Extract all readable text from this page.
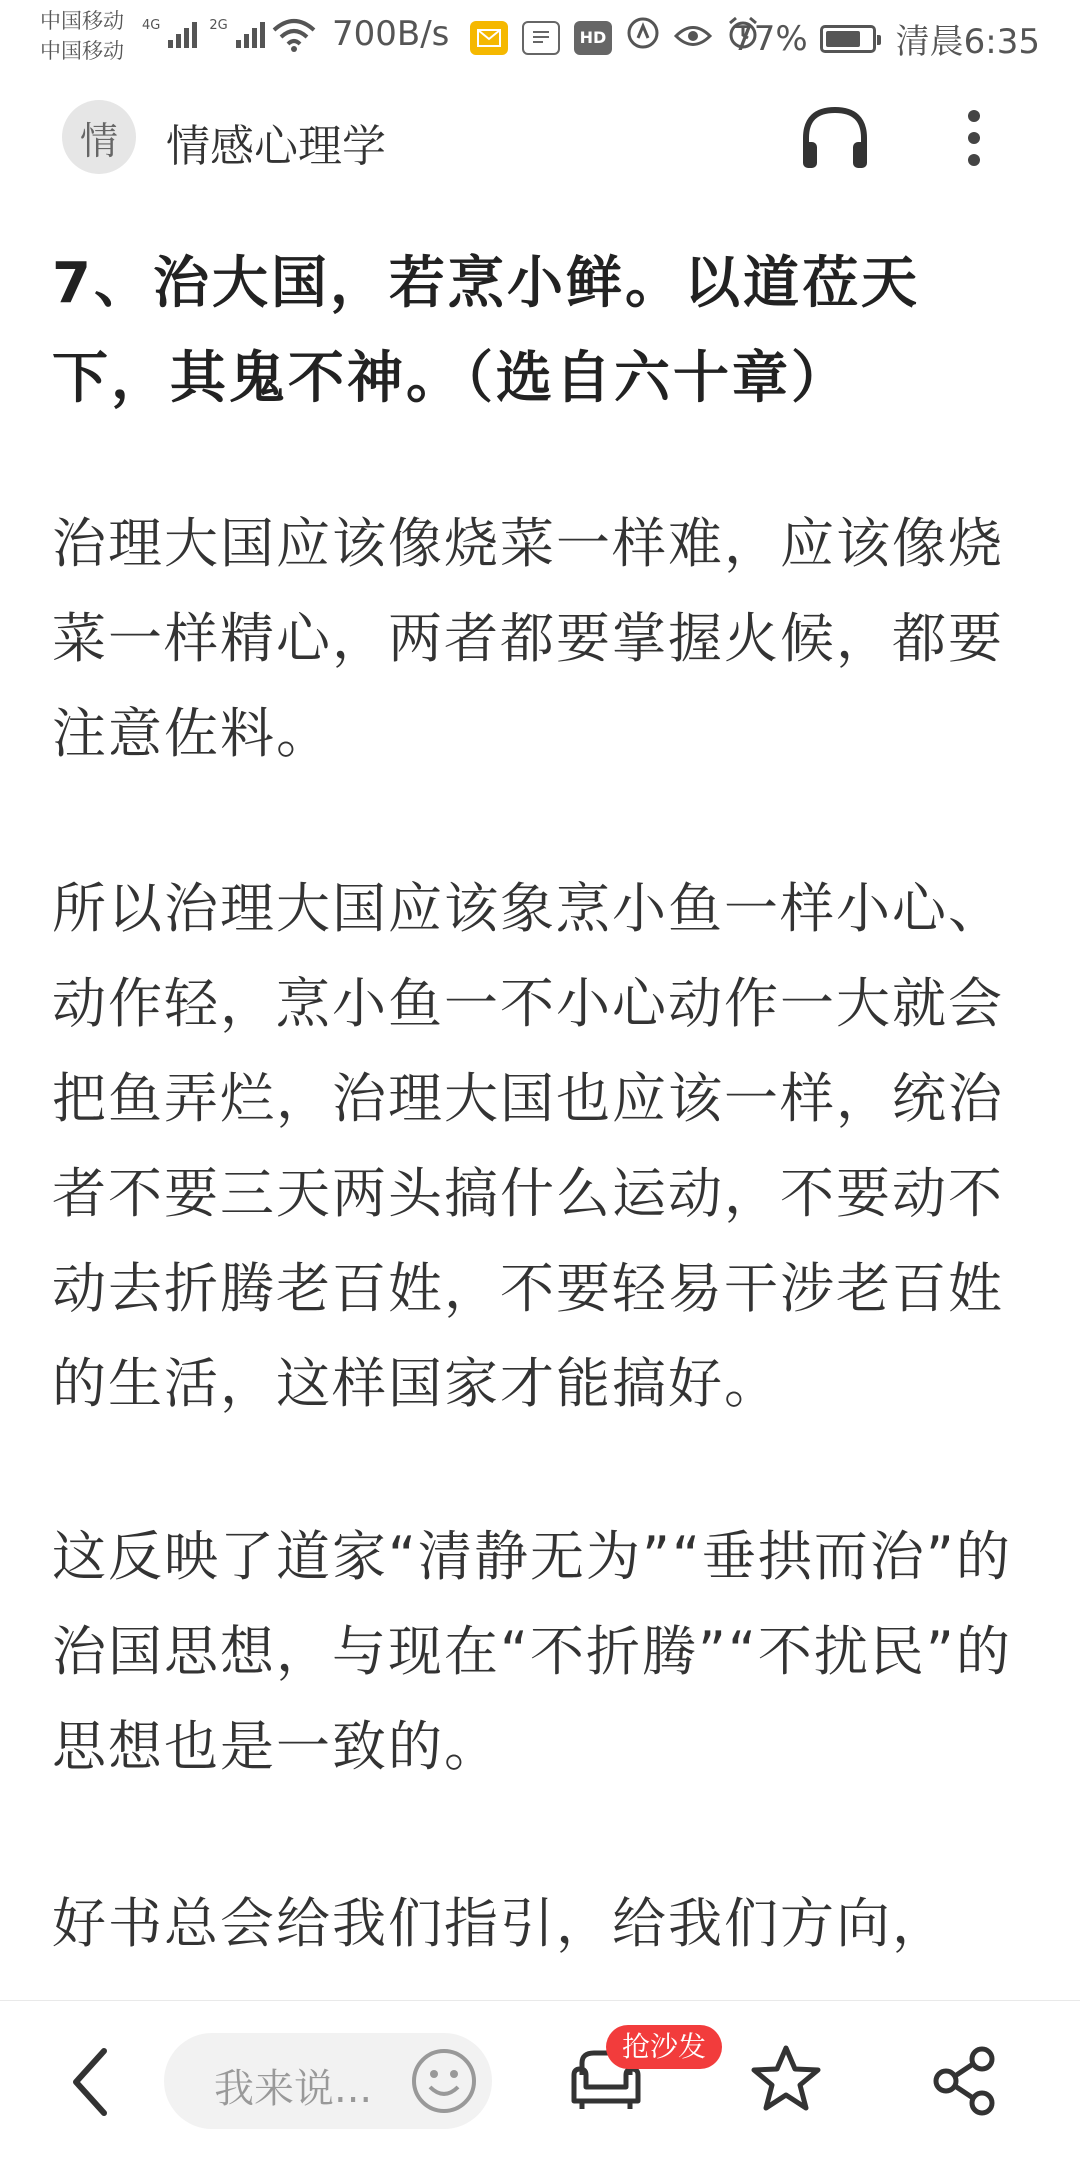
中国移动
中国移动
4G	2G	700B/s	HD	77%	清晨6:35
情	情感心理学
7、治大国，若烹小鲜。以道莅天下，其鬼不神。（选自六十章）

治理大国应该像烧菜一样难，应该像烧菜一样精心，两者都要掌握火候，都要注意佐料。

所以治理大国应该象烹小鱼一样小心、动作轻，烹小鱼一不小心动作一大就会把鱼弄烂，治理大国也应该一样，统治者不要三天两头搞什么运动，不要动不动去折腾老百姓，不要轻易干涉老百姓的生活，这样国家才能搞好。

这反映了道家“清静无为”“垂拱而治”的治国思想，与现在“不折腾”“不扰民”的思想也是一致的。

好书总会给我们指引，给我们方向，

我来说...
抢沙发
